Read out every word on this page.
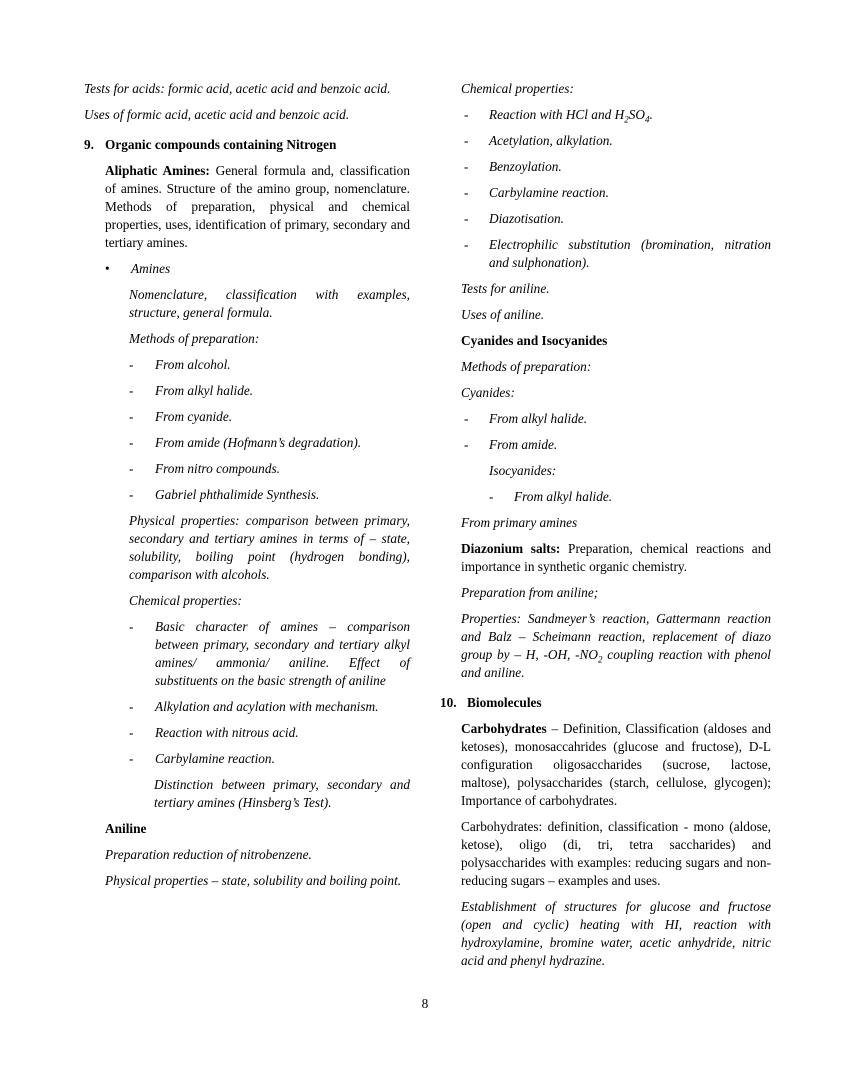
Tests for acids: formic acid, acetic acid and benzoic acid.

Uses of formic acid, acetic acid and benzoic acid.

9. Organic compounds containing Nitrogen

Aliphatic Amines: General formula and, classification of amines. Structure of the amino group, nomenclature. Methods of preparation, physical and chemical properties, uses, identification of primary, secondary and tertiary amines.

•	Amines

Nomenclature, classification with examples, structure, general formula.

Methods of preparation:

-	From alcohol.
-	From alkyl halide.
-	From cyanide.
-	From amide (Hofmann’s degradation).
-	From nitro compounds.
-	Gabriel phthalimide Synthesis.

Physical properties: comparison between primary, secondary and tertiary amines in terms of – state, solubility, boiling point (hydrogen bonding), comparison with alcohols.

Chemical properties:

-	Basic character of amines – comparison between primary, secondary and tertiary alkyl amines/ ammonia/ aniline. Effect of substituents on the basic strength of aniline
-	Alkylation and acylation with mechanism.
-	Reaction with nitrous acid.
-	Carbylamine reaction.

Distinction between primary, secondary and tertiary amines (Hinsberg’s Test).

Aniline

Preparation reduction of nitrobenzene.

Physical properties – state, solubility and boiling point.

Chemical properties:

-	Reaction with HCl and $H_2SO_4$.
-	Acetylation, alkylation.
-	Benzoylation.
-	Carbylamine reaction.
-	Diazotisation.
-	Electrophilic substitution (bromination, nitration and sulphonation).

Tests for aniline.

Uses of aniline.

Cyanides and Isocyanides

Methods of preparation:

Cyanides:

-	From alkyl halide.
-	From amide.

Isocyanides:

-	From alkyl halide.

From primary amines

Diazonium salts: Preparation, chemical reactions and importance in synthetic organic chemistry.

Preparation from aniline;

Properties: Sandmeyer’s reaction, Gattermann reaction and Balz – Scheimann reaction, replacement of diazo group by – H, -OH, $-NO_2$ coupling reaction with phenol and aniline.

10. Biomolecules

Carbohydrates – Definition, Classification (aldoses and ketoses), monosaccahrides (glucose and fructose), D-L configuration oligosaccharides (sucrose, lactose, maltose), polysaccharides (starch, cellulose, glycogen); Importance of carbohydrates.

Carbohydrates: definition, classification - mono (aldose, ketose), oligo (di, tri, tetra saccharides) and polysaccharides with examples: reducing sugars and non-reducing sugars – examples and uses.

Establishment of structures for glucose and fructose (open and cyclic) heating with HI, reaction with hydroxylamine, bromine water, acetic anhydride, nitric acid and phenyl hydrazine.

8
